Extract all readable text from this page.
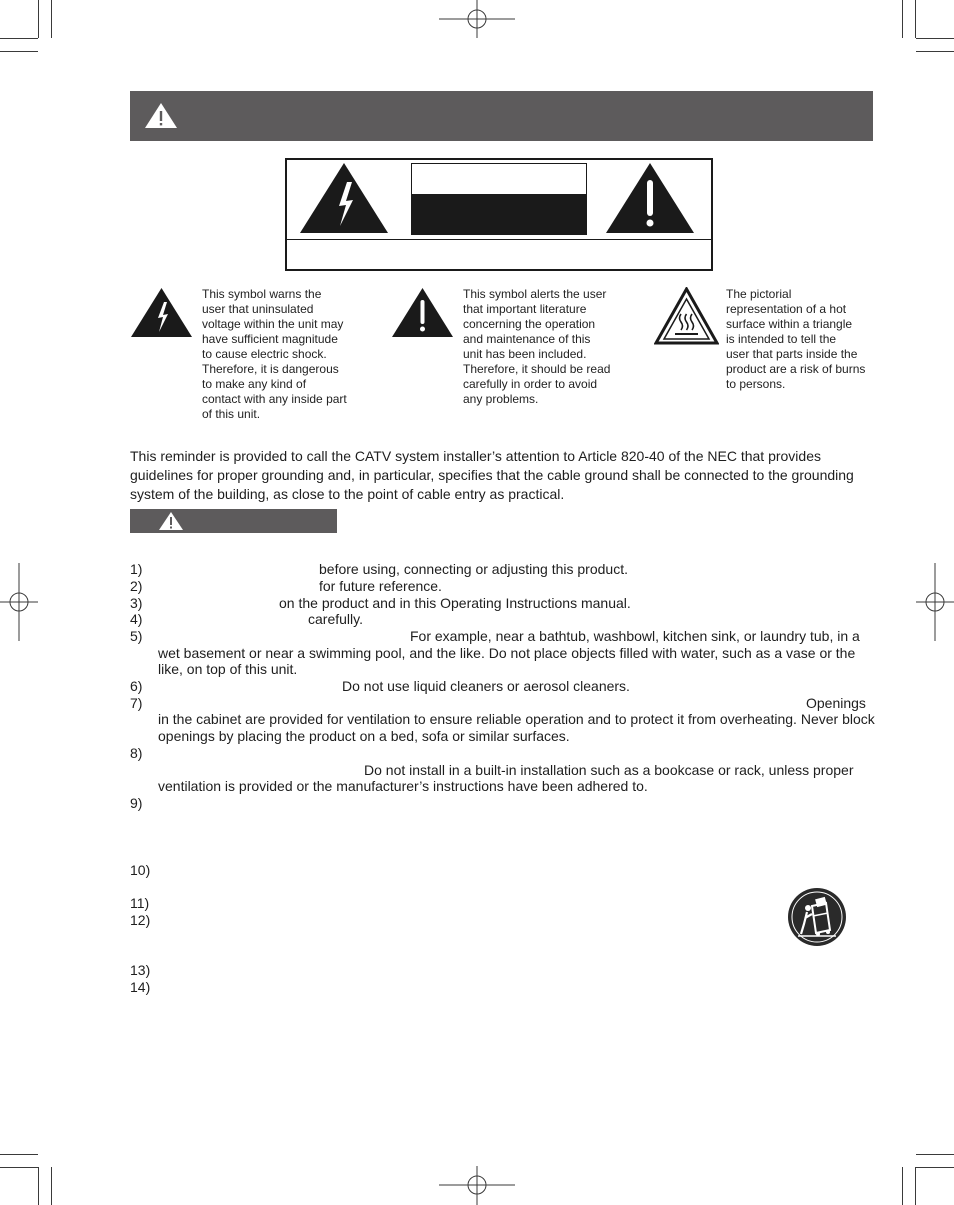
This symbol warns the
user that uninsulated
voltage within the unit may
have sufficient magnitude
to cause electric shock.
Therefore, it is dangerous
to make any kind of
contact with any inside part
of this unit.
This symbol alerts the user
that important literature
concerning the operation
and maintenance of this
unit has been included.
Therefore, it should be read
carefully in order to avoid
any problems.
The pictorial
representation of a hot
surface within a triangle
is intended to tell the
user that parts inside the
product are a risk of burns
to persons.
This reminder is provided to call the CATV system installer’s attention to Article 820-40 of the NEC that provides guidelines for proper grounding and, in particular, specifies that the cable ground shall be connected to the grounding system of the building, as close to the point of cable entry as practical.
1)	before using, connecting or adjusting this product.
2)	for future reference.
3)	on the product and in this Operating Instructions manual.
4)	carefully.
5)	For example, near a bathtub, washbowl, kitchen sink, or laundry tub, in a
wet basement or near a swimming pool, and the like. Do not place objects filled with water, such as a vase or the
like, on top of this unit.
6)	Do not use liquid cleaners or aerosol cleaners.
7)	Openings
in the cabinet are provided for ventilation to ensure reliable operation and to protect it from overheating. Never block
openings by placing the product on a bed, sofa or similar surfaces.
8)
Do not install in a built-in installation such as a bookcase or rack, unless proper
ventilation is provided or the manufacturer’s instructions have been adhered to.
9)
10)
11)
12)
13)
14)
